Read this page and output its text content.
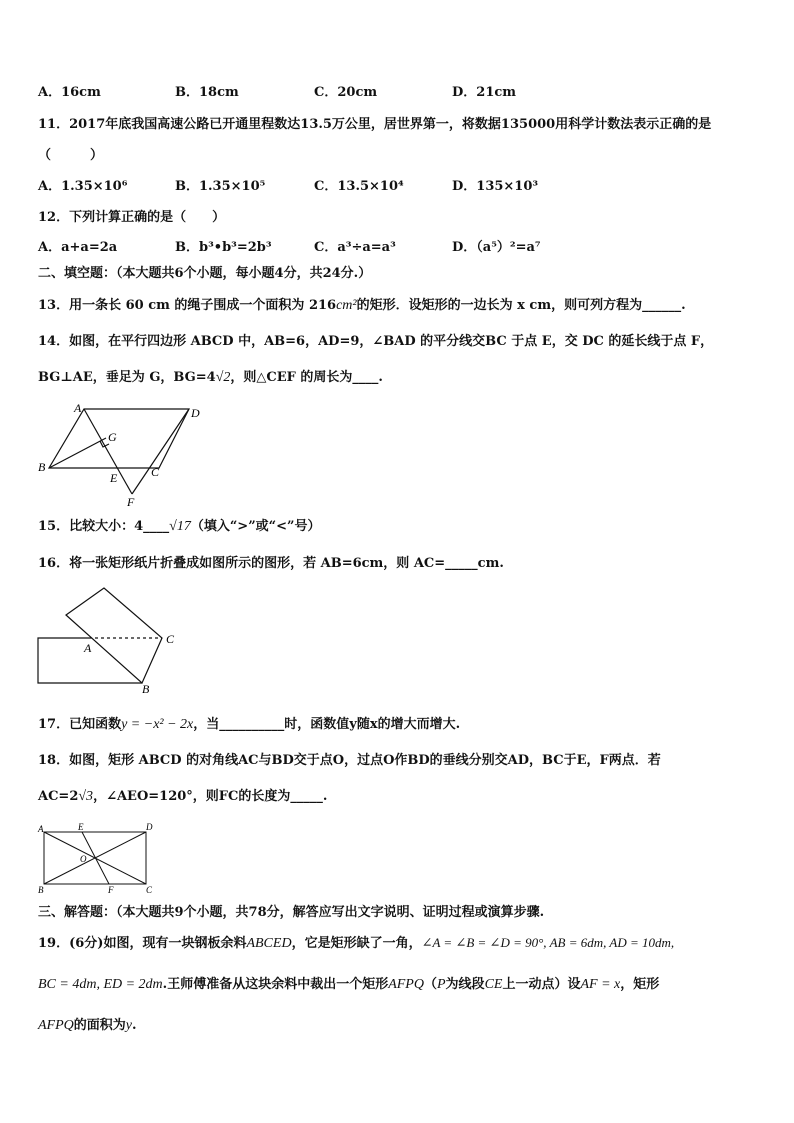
A．16cm	B．18cm	C．20cm	D．21cm
11．2017年底我国高速公路已开通里程数达13.5万公里，居世界第一，将数据135000用科学计数法表示正确的是
（　　　）
A．1.35×10⁶	B．1.35×10⁵	C．13.5×10⁴	D．135×10³
12．下列计算正确的是（　　）
A．a+a=2a	B．b³•b³=2b³	C．a³÷a=a³	D．（a⁵）²=a⁷
二、填空题：（本大题共6个小题，每小题4分，共24分.）
13．用一条长 60 cm 的绳子围成一个面积为 216cm²的矩形．设矩形的一边长为 x cm，则可列方程为______.
14．如图，在平行四边形 ABCD 中，AB=6，AD=9，∠BAD 的平分线交BC 于点 E，交 DC 的延长线于点 F，
BG⊥AE，垂足为 G，BG=4√2，则△CEF 的周长为____.
A	D
G
B
E	C
F
15．比较大小：4____√17（填入“>”或“<”号）
16．将一张矩形纸片折叠成如图所示的图形，若 AB=6cm，则 AC=_____cm.
A
C
B
17．已知函数y = −x² − 2x，当__________时，函数值y随x的增大而增大.
18．如图，矩形 ABCD 的对角线AC与BD交于点O，过点O作BD的垂线分别交AD，BC于E，F两点．若
AC=2√3，∠AEO=120°，则FC的长度为_____.
A	E	D
O
B	F	C
三、解答题：（本大题共9个小题，共78分，解答应写出文字说明、证明过程或演算步骤.
19．(6分)如图，现有一块钢板余料ABCED，它是矩形缺了一角，∠A = ∠B = ∠D = 90°, AB = 6dm, AD = 10dm,
BC = 4dm, ED = 2dm.王师傅准备从这块余料中裁出一个矩形AFPQ（P为线段CE上一动点）设AF = x，矩形
AFPQ的面积为y.
